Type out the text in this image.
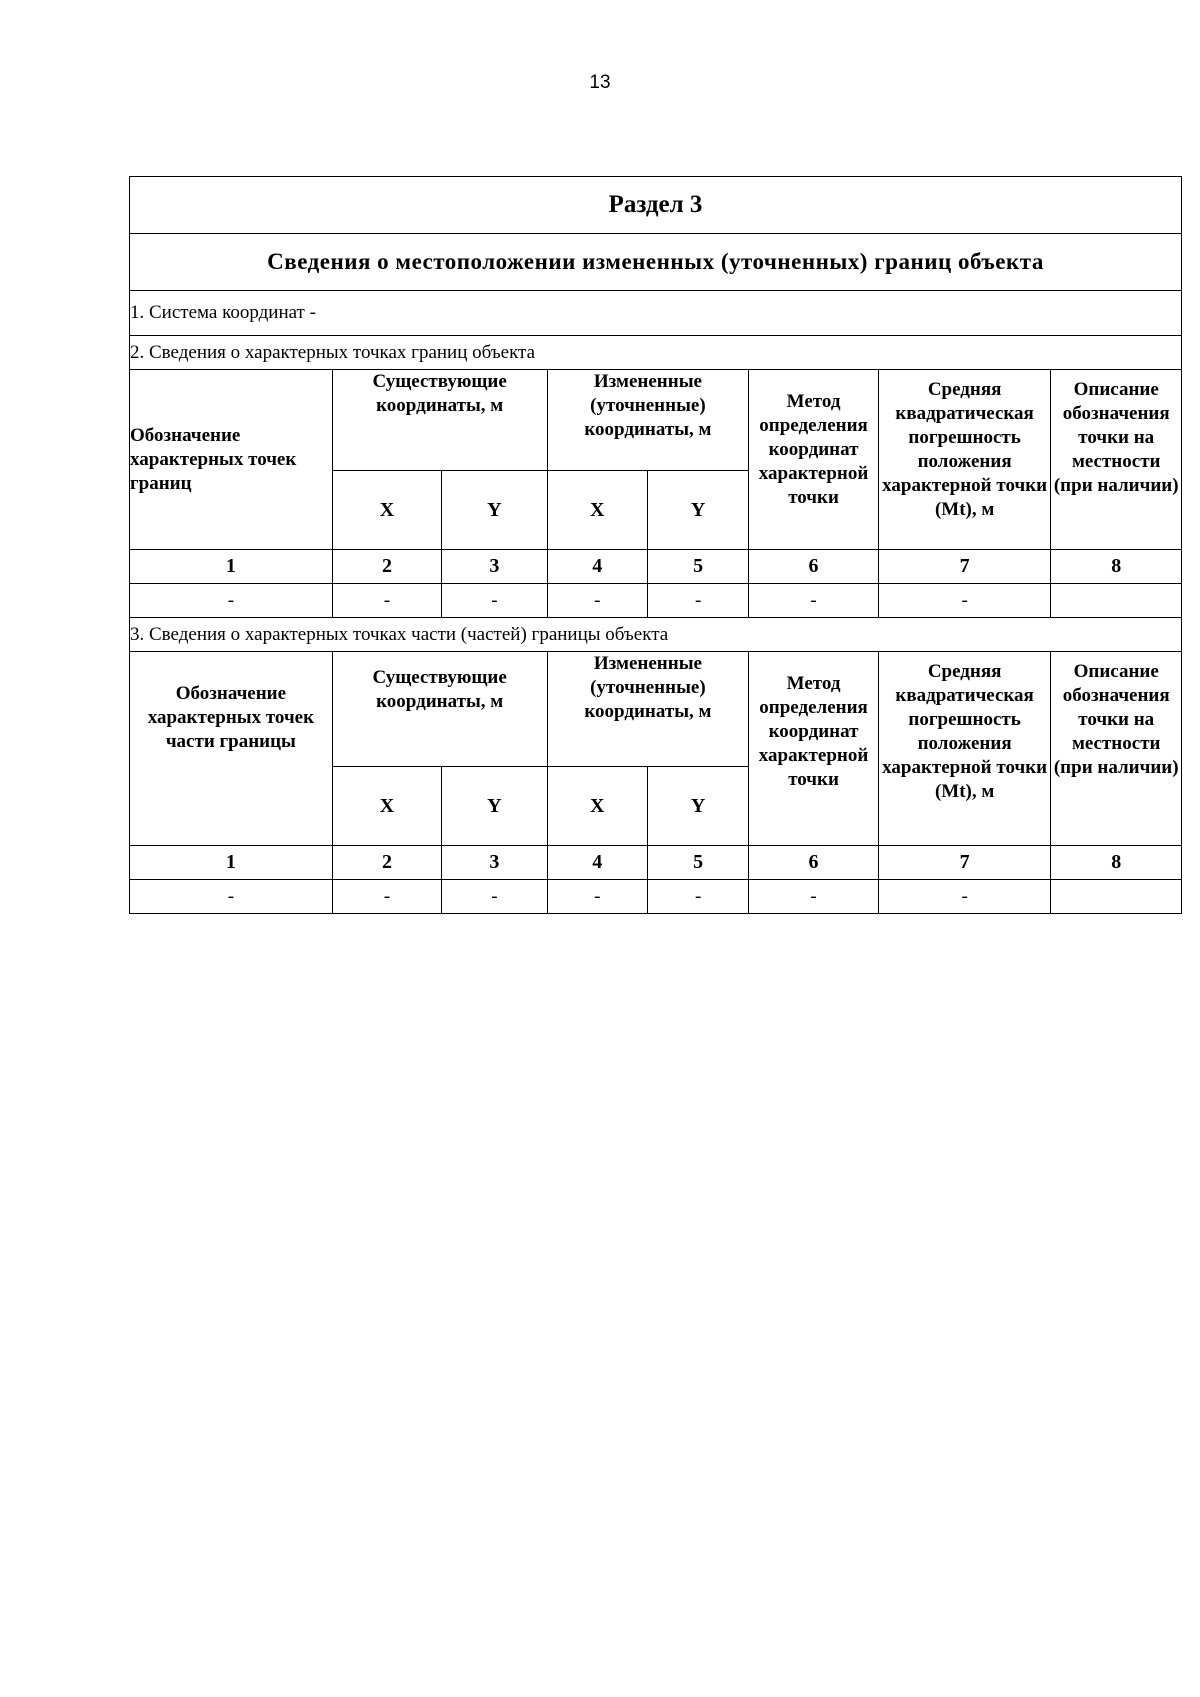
13
Раздел 3							
Сведения о местоположении измененных (уточненных) границ объекта							
1. Система координат -							
2. Сведения о характерных точках границ объекта							
Обозначение характерных точек границ	Существующие координаты, м		Измененные (уточненные) координаты, м		Метод определения координат характерной точки	Средняя квадратическая погрешность положения характерной точки (Mt), м	Описание обозначения точки на местности (при наличии)
	X	Y	X	Y			
1	2	3	4	5	6	7	8
-	-	-	-	-	-	-	
3. Сведения о характерных точках части (частей) границы объекта							
Обозначение характерных точек части границы	Существующие координаты, м		Измененные (уточненные) координаты, м		Метод определения координат характерной точки	Средняя квадратическая погрешность положения характерной точки (Mt), м	Описание обозначения точки на местности (при наличии)
	X	Y	X	Y			
1	2	3	4	5	6	7	8
-	-	-	-	-	-	-	
